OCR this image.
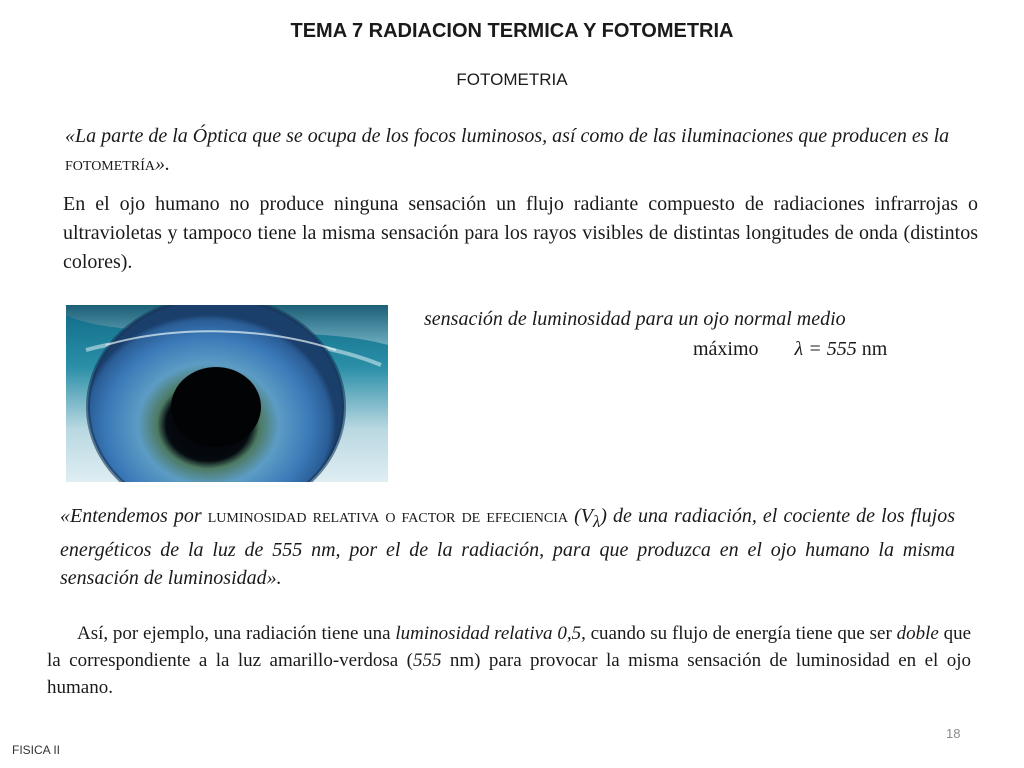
TEMA 7 RADIACION TERMICA Y FOTOMETRIA
FOTOMETRIA
«La parte de la Óptica que se ocupa de los focos luminosos, así como de las iluminaciones que producen es la fotometría».
En el ojo humano no produce ninguna sensación un flujo radiante compuesto de radiaciones infrarrojas o ultravioletas y tampoco tiene la misma sensación para los rayos visibles de distintas longitudes de onda (distintos colores).
sensación de luminosidad para un ojo normal medio
máximo λ = 555 nm
«Entendemos por luminosidad relativa o factor de efeciencia $(V_\lambda)$ de una radiación, el cociente de los flujos energéticos de la luz de 555 nm, por el de la radiación, para que produzca en el ojo humano la misma sensación de luminosidad».
Así, por ejemplo, una radiación tiene una luminosidad relativa 0,5, cuando su flujo de energía tiene que ser doble que la correspondiente a la luz amarillo-verdosa (555 nm) para provocar la misma sensación de luminosidad en el ojo humano.
18
FISICA II
